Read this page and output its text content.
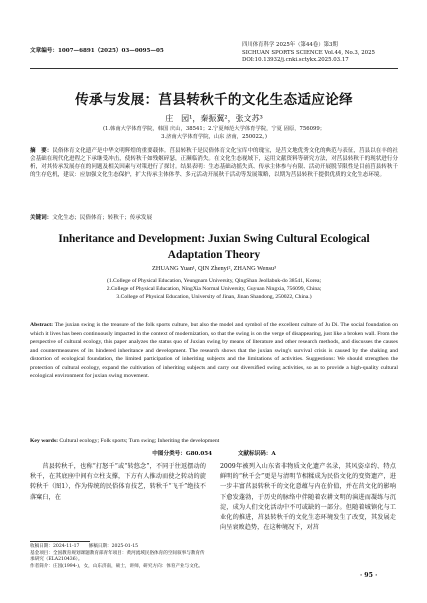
文章编号：1007—6891（2025）03—0095—05
四川体育科学 2025年（第44卷）第3期
SICHUAN SPORTS SCIENCE Vol.44, No.3, 2025
DOI:10.13932/j.cnki.sctykx.2025.03.17
传承与发展：莒县转秋千的文化生态适应论绎
庄　园¹，秦振翼²，张文苏³
(1.韩南大学体育学院，韩国 庆山，38541；2.宁夏师范大学体育学院，宁夏 固原，756099；
3.济南大学体育学院，山东 济南，250022。)
摘　要：民俗体育文化遗产是中华文明辉煌的重要载体。莒县转秋千是民俗体育文化宝库中的瑰宝，是莒文地优秀文化的典范与表征，莒县以在丰的社会基础在现代化进程之下承继受冲击，使转秋千如残姬碎瑟，正濒临消失。在文化生态视域下，运用文献资料等研究方法，对莒县转秋千的现状进行分析，对其传承发展存在的问题及相关因素与对策进行了探讨。结果表明：生态基础动摇失真、传承主体参与有限、活动开展脱节限性是目前莒县转秋千的生存危机，建议：应加强文化生态保护，扩大传承主体体孝、多元活动开展秋千活动等发展策略，以期为莒县转秋千提供优质的文化生态环境。
关键词：文化生态；民俗体育；转秋千；传承发展
Inheritance and Development: Juxian Swing Cultural Ecological Adaptation Theory
ZHUANG Yuan¹, QIN Zhenyi², ZHANG Wensu³
(1.College of Physical Education, Yeungnam University, QingShan Jeollabuk-do 38541, Korea;
2.College of Physical Education, NingXia Normal University, Guyuan Ningxia, 756099, China;
3.College of Physical Education, University of Jinan, Jinan Shandong, 250022, China.)
Abstract: The juxian swing is the treasure of the folk sports culture, but also the model and symbol of the excellent culture of Ju Di. The social foundation on which it lives has been continuously impacted in the context of modernization, so that the swing is on the verge of disappearing, just like a broken wall. From the perspective of cultural ecology, this paper analyzes the status quo of Juxian swing by means of literature and other research methods, and discusses the causes and countermeasures of its hindered inheritance and development. The research shows that the juxian swing's survival crisis is caused by the shaking and distortion of ecological foundation, the limited participation of inheriting subjects and the limitations of activities. Suggestions: We should strengthen the protection of cultural ecology, expand the cultivation of inheriting subjects and carry out diversified swing activities, so as to provide a high-quality cultural ecological environment for juxian swing movement.
Key words: Cultural ecology; Folk sports; Turn swing; Inheriting the development
中图分类号：G80.054	文献标识码：A

莒县转秋千，也称“打怒千”或“转悠念”，不同于往返摆动的秋千，在其底座中间有立柱支撑，下方有人推动而使之转动的旋转秋千（图1），作为传统的民俗体育技艺，转秋千“飞千”绝技不落窠臼，在

2009年被列入山东省非物质文化遗产名录，其风姿卓约、特点鲜明的“秋千会”更是与清明节相糅成为民俗文化的变资遗产，进一步丰富莒县转秋千的文化意蕴与内在价值，并在莒文化的影响下愈发蓬勃，于历史的脉络中伴随着农耕文明的演进而凝练与沉淀，成为人们文化活动中不可或缺的一部分。但随着城镇化与工业化的推进，莒县转秋千的文化生态环境发生了改变，其发展走向呈衰败趋势，在这种境况下，对莒

收稿日期：2024-11-17　　修稿日期：2025-01-15
基金项目：全国教育规划课题教育部青年项目：黄河流域民俗体育的空间叙事与教育传承研究（ELA210436）。
作者简介：庄园(1994-)，女，山东济南，硕士，讲师，研究方向：体育产业与文化。
· 95 ·
